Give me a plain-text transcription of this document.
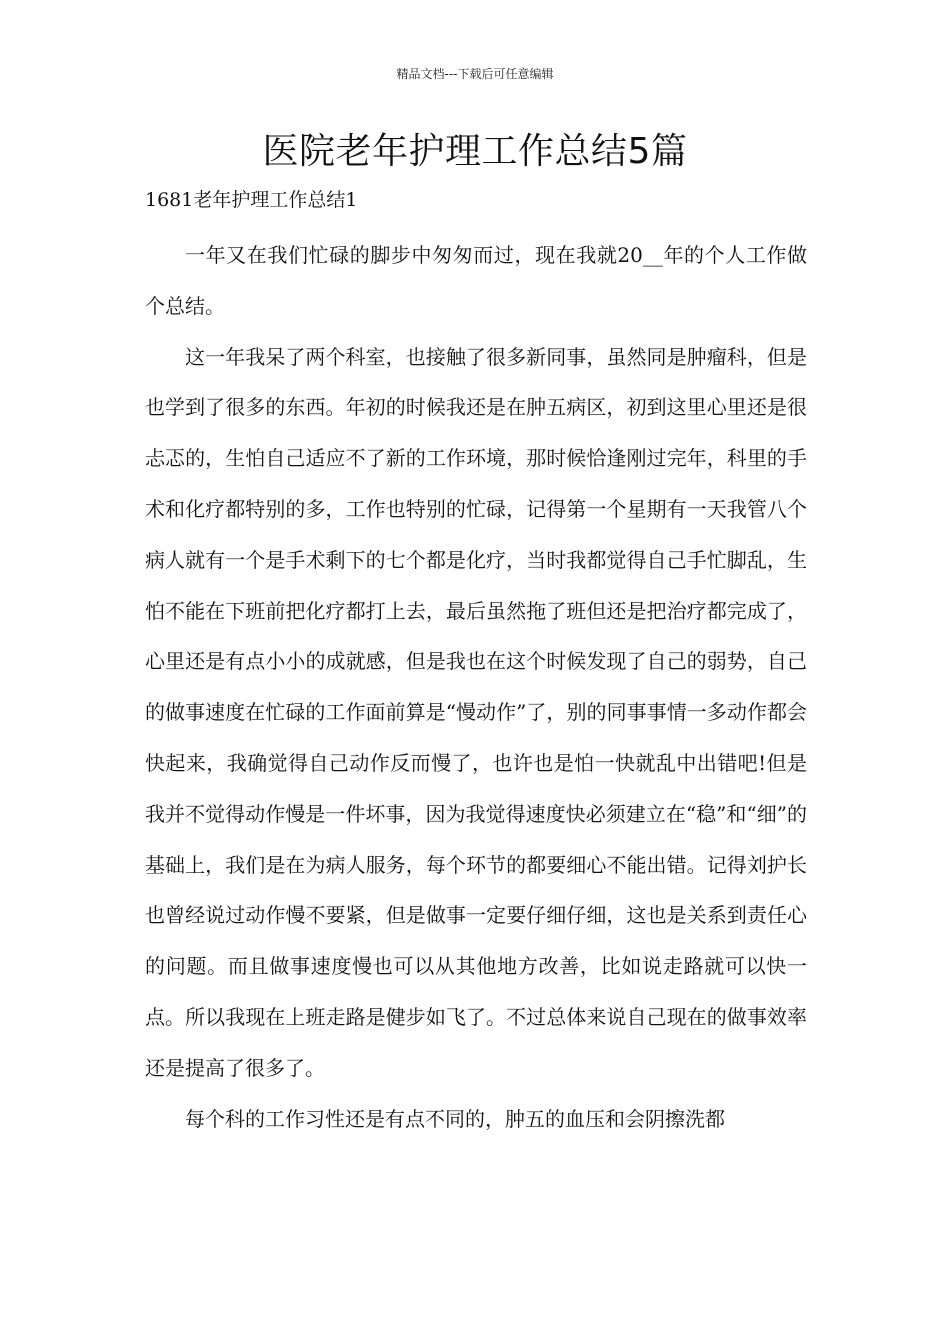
精品文档---下载后可任意编辑
医院老年护理工作总结5篇
1681老年护理工作总结1

一年又在我们忙碌的脚步中匆匆而过，现在我就20__年的个人工作做个总结。

这一年我呆了两个科室，也接触了很多新同事，虽然同是肿瘤科，但是也学到了很多的东西。年初的时候我还是在肿五病区，初到这里心里还是很忐忑的，生怕自己适应不了新的工作环境，那时候恰逢刚过完年，科里的手术和化疗都特别的多，工作也特别的忙碌，记得第一个星期有一天我管八个病人就有一个是手术剩下的七个都是化疗，当时我都觉得自己手忙脚乱，生怕不能在下班前把化疗都打上去，最后虽然拖了班但还是把治疗都完成了，心里还是有点小小的成就感，但是我也在这个时候发现了自己的弱势，自己的做事速度在忙碌的工作面前算是“慢动作”了，别的同事事情一多动作都会快起来，我确觉得自己动作反而慢了，也许也是怕一快就乱中出错吧!但是我并不觉得动作慢是一件坏事，因为我觉得速度快必须建立在“稳”和“细”的基础上，我们是在为病人服务，每个环节的都要细心不能出错。记得刘护长也曾经说过动作慢不要紧，但是做事一定要仔细仔细，这也是关系到责任心的问题。而且做事速度慢也可以从其他地方改善，比如说走路就可以快一点。所以我现在上班走路是健步如飞了。不过总体来说自己现在的做事效率还是提高了很多了。

每个科的工作习性还是有点不同的，肿五的血压和会阴擦洗都
